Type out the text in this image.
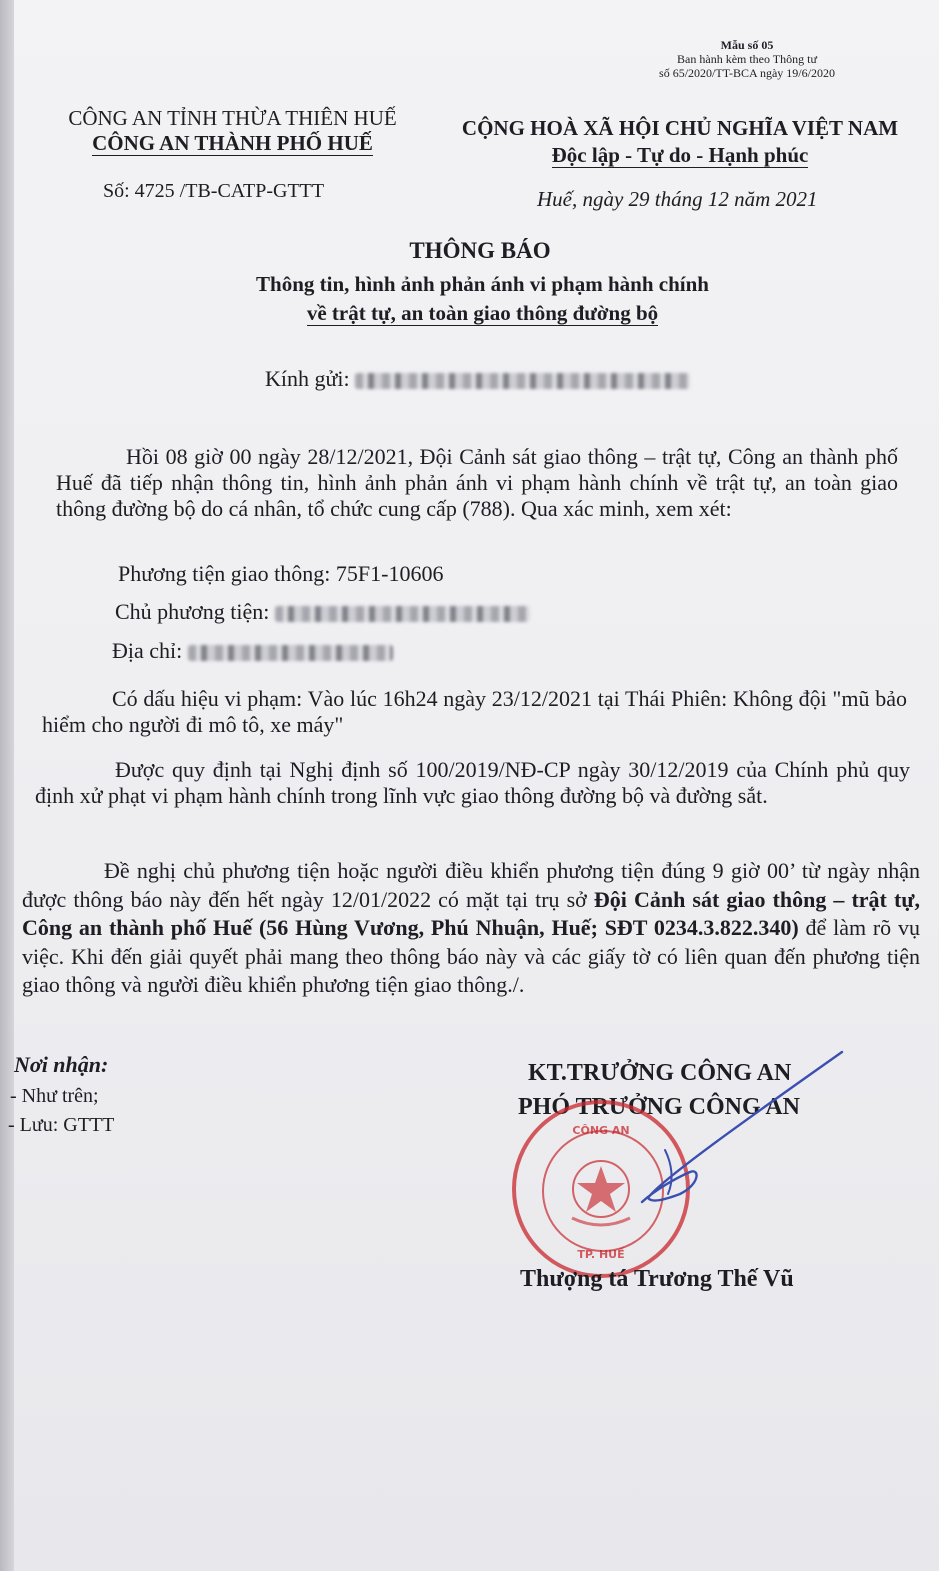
Mẫu số 05
Ban hành kèm theo Thông tư
số 65/2020/TT-BCA ngày 19/6/2020
CÔNG AN TỈNH THỪA THIÊN HUẾ
CÔNG AN THÀNH PHỐ HUẾ
CỘNG HOÀ XÃ HỘI CHỦ NGHĨA VIỆT NAM
Độc lập - Tự do - Hạnh phúc
Số: 4725 /TB-CATP-GTTT	Huế, ngày 29 tháng 12 năm 2021
THÔNG BÁO
Thông tin, hình ảnh phản ánh vi phạm hành chính
về trật tự, an toàn giao thông đường bộ
Kính gửi:
Hồi 08 giờ 00 ngày 28/12/2021, Đội Cảnh sát giao thông – trật tự, Công an thành phố Huế đã tiếp nhận thông tin, hình ảnh phản ánh vi phạm hành chính về trật tự, an toàn giao thông đường bộ do cá nhân, tổ chức cung cấp (788). Qua xác minh, xem xét:
Phương tiện giao thông: 75F1-10606
Chủ phương tiện:
Địa chỉ:
Có dấu hiệu vi phạm: Vào lúc 16h24 ngày 23/12/2021 tại Thái Phiên: Không đội "mũ bảo hiểm cho người đi mô tô, xe máy"
Được quy định tại Nghị định số 100/2019/NĐ-CP ngày 30/12/2019 của Chính phủ quy định xử phạt vi phạm hành chính trong lĩnh vực giao thông đường bộ và đường sắt.
Đề nghị chủ phương tiện hoặc người điều khiển phương tiện đúng 9 giờ 00’ từ ngày nhận được thông báo này đến hết ngày 12/01/2022 có mặt tại trụ sở Đội Cảnh sát giao thông – trật tự, Công an thành phố Huế (56 Hùng Vương, Phú Nhuận, Huế; SĐT 0234.3.822.340) để làm rõ vụ việc. Khi đến giải quyết phải mang theo thông báo này và các giấy tờ có liên quan đến phương tiện giao thông và người điều khiển phương tiện giao thông./.
Nơi nhận:
- Như trên;
- Lưu: GTTT
KT.TRƯỞNG CÔNG AN
PHÓ TRƯỞNG CÔNG AN
CÔNG AN
TP. HUẾ
Thượng tá Trương Thế Vũ
